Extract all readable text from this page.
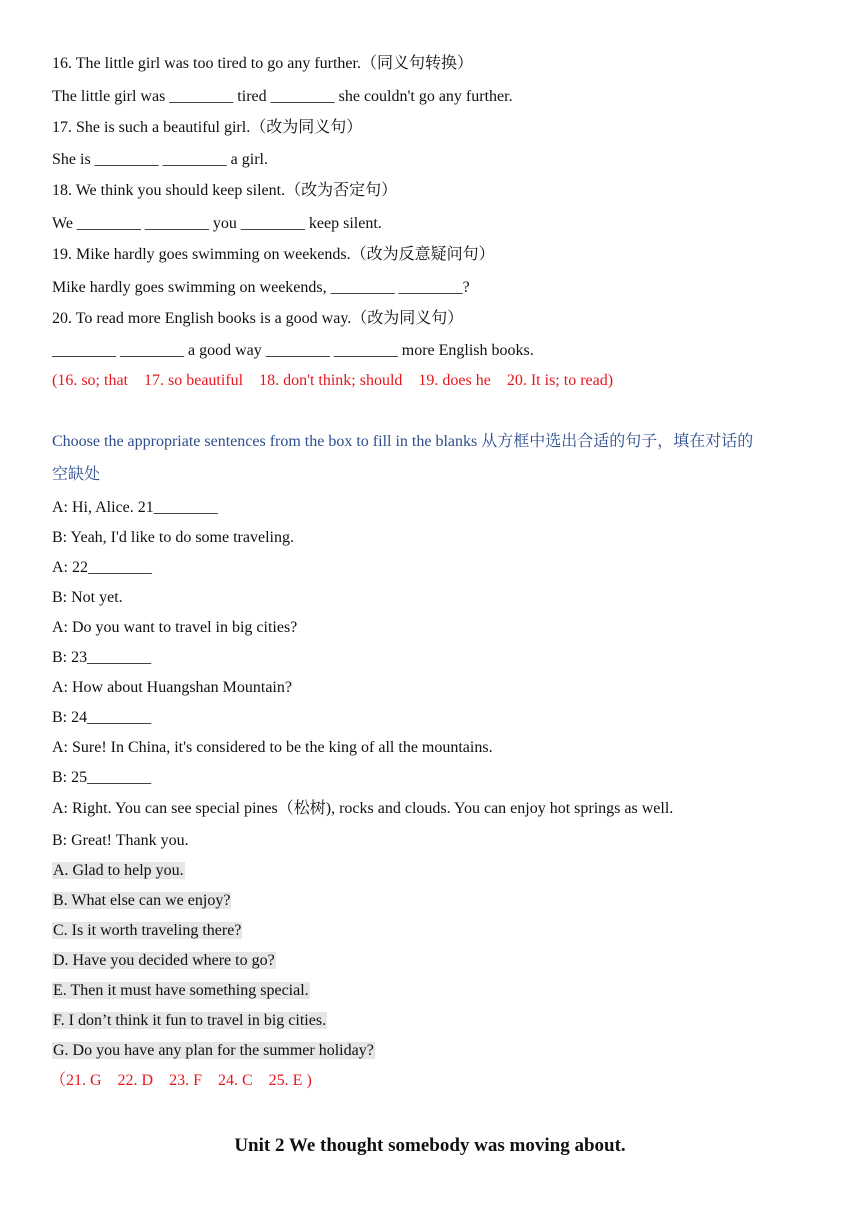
16. The little girl was too tired to go any further.（同义句转换）

The little girl was ________ tired ________ she couldn't go any further.

17. She is such a beautiful girl.（改为同义句）

She is ________ ________ a girl.

18. We think you should keep silent.（改为否定句）

We ________ ________ you ________ keep silent.

19. Mike hardly goes swimming on weekends.（改为反意疑问句）

Mike hardly goes swimming on weekends, ________ ________?

20. To read more English books is a good way.（改为同义句）

________ ________ a good way ________ ________ more English books.

(16. so; that    17. so beautiful    18. don't think; should    19. does he    20. It is; to read)

Choose the appropriate sentences from the box to fill in the blanks 从方框中选出合适的句子，填在对话的

空缺处

A: Hi, Alice. 21________

B: Yeah, I'd like to do some traveling.

A: 22________

B: Not yet.

A: Do you want to travel in big cities?

B: 23________

A: How about Huangshan Mountain?

B: 24________

A: Sure! In China, it's considered to be the king of all the mountains.

B: 25________

A: Right. You can see special pines（松树), rocks and clouds. You can enjoy hot springs as well.

B: Great! Thank you.

A. Glad to help you.

B. What else can we enjoy?

C. Is it worth traveling there?

D. Have you decided where to go?

E. Then it must have something special.

F. I don’t think it fun to travel in big cities.

G. Do you have any plan for the summer holiday?

（21. G    22. D    23. F    24. C    25. E )

Unit 2 We thought somebody was moving about.
